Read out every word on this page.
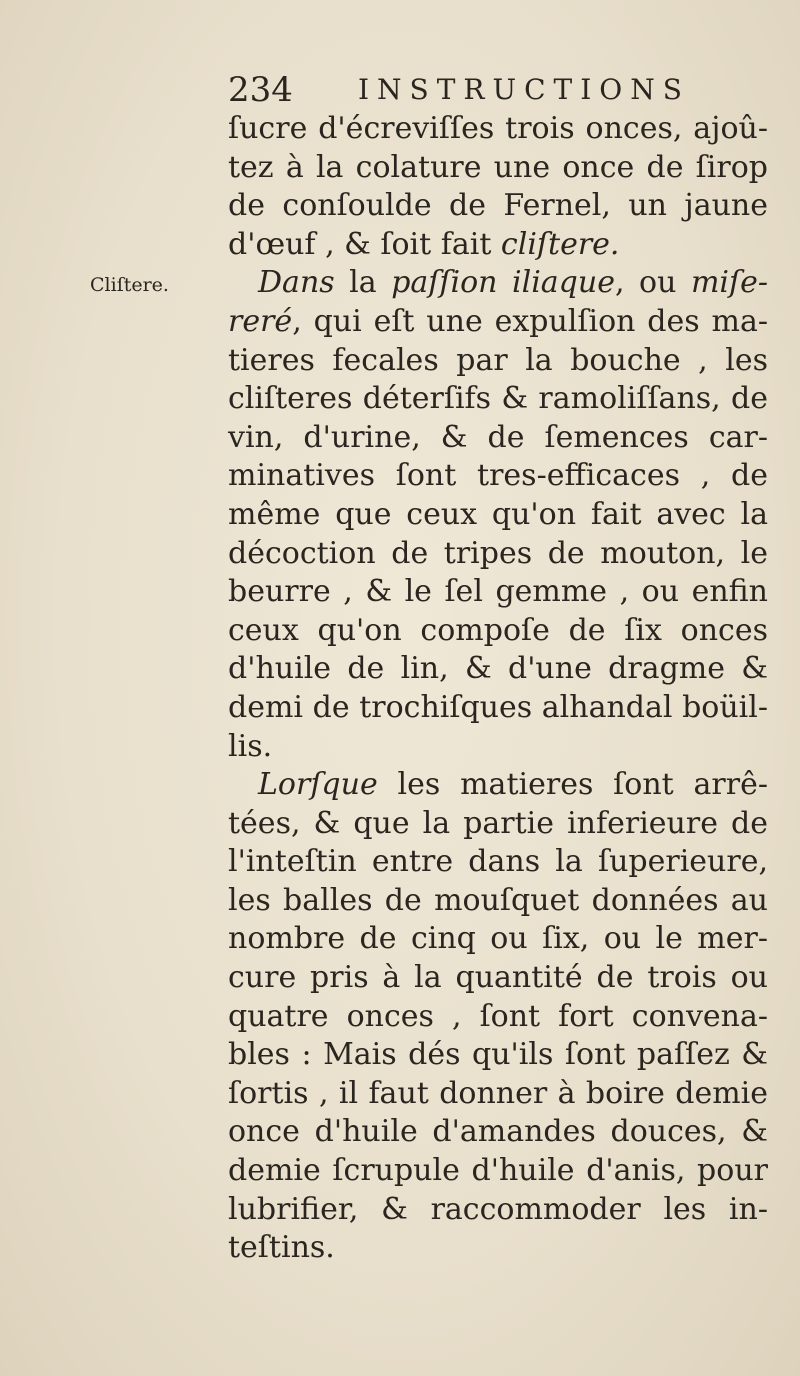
234 INSTRUCTIONS
Cliſtere.
ſucre d'écreviſſes trois onces, ajoû-
tez à la colature une once de ſirop
de conſoulde de Fernel, un jaune
d'œuf , & ſoit fait cliſtere.
Dans la paſſion iliaque, ou miſe-
reré, qui eſt une expulſion des ma-
tieres fecales par la bouche , les
cliſteres déterſifs & ramoliſſans, de
vin, d'urine, & de ſemences car-
minatives ſont tres-efficaces , de
même que ceux qu'on fait avec la
décoction de tripes de mouton, le
beurre , & le ſel gemme , ou enfin
ceux qu'on compoſe de ſix onces
d'huile de lin, & d'une dragme &
demi de trochiſques alhandal boüil-
lis.
Lorſque les matieres ſont arrê-
tées, & que la partie inferieure de
l'inteſtin entre dans la ſuperieure,
les balles de mouſquet données au
nombre de cinq ou ſix, ou le mer-
cure pris à la quantité de trois ou
quatre onces , ſont fort convena-
bles : Mais dés qu'ils ſont paſſez &
ſortis , il faut donner à boire demie
once d'huile d'amandes douces, &
demie ſcrupule d'huile d'anis, pour
lubrifier, & raccommoder les in-
teſtins.
